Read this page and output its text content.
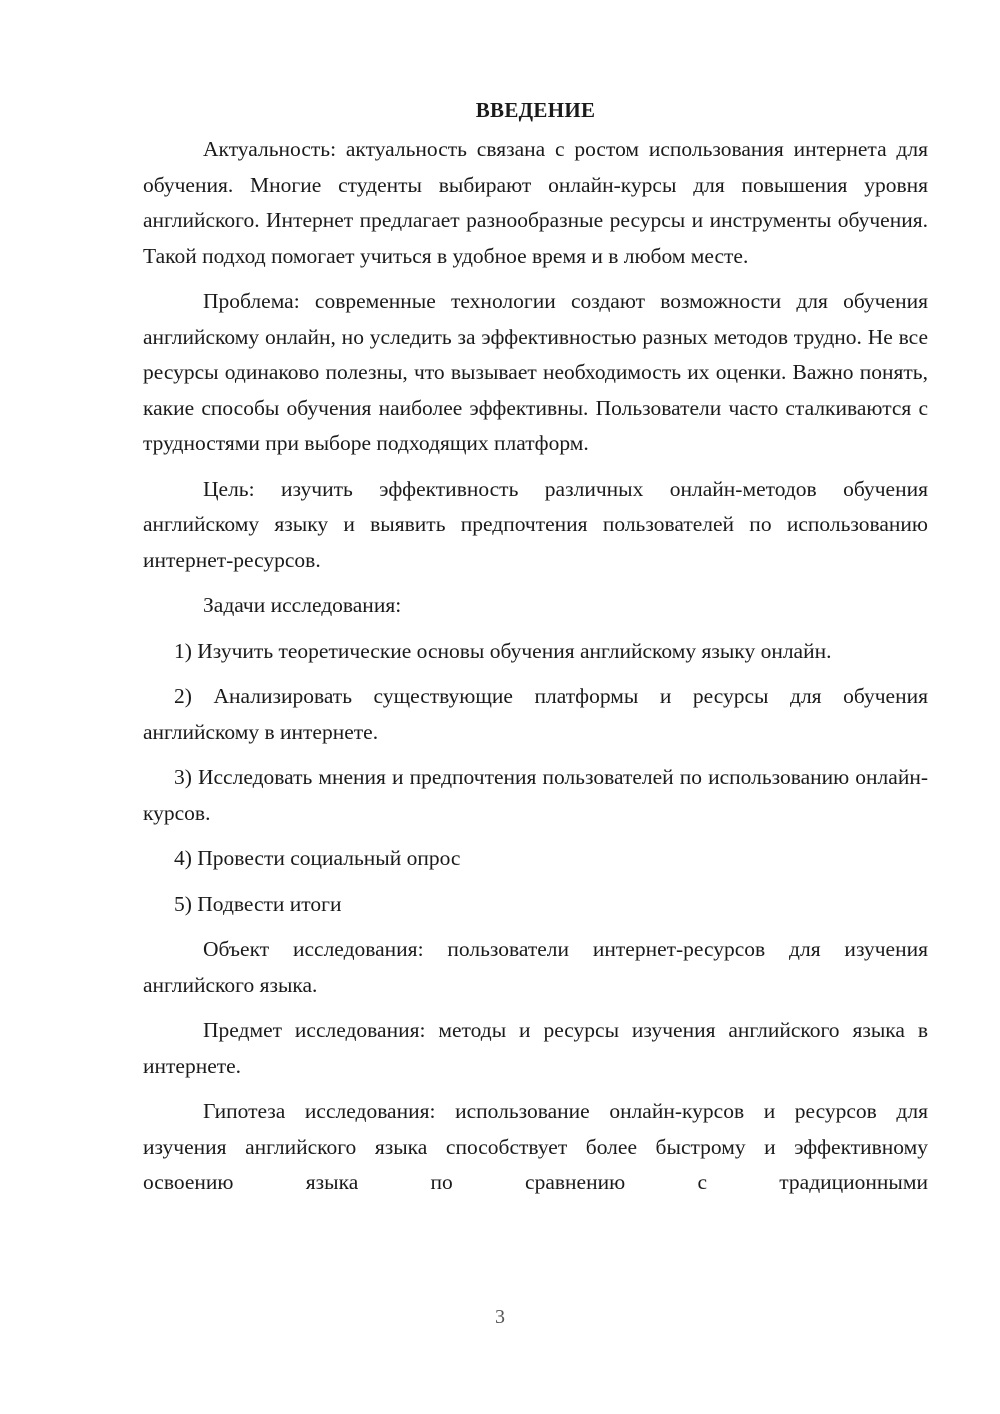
ВВЕДЕНИЕ

Актуальность: актуальность связана с ростом использования интернета для обучения. Многие студенты выбирают онлайн-курсы для повышения уровня английского. Интернет предлагает разнообразные ресурсы и инструменты обучения. Такой подход помогает учиться в удобное время и в любом месте.

Проблема: современные технологии создают возможности для обучения английскому онлайн, но уследить за эффективностью разных методов трудно. Не все ресурсы одинаково полезны, что вызывает необходимость их оценки. Важно понять, какие способы обучения наиболее эффективны. Пользователи часто сталкиваются с трудностями при выборе подходящих платформ.

Цель: изучить эффективность различных онлайн-методов обучения английскому языку и выявить предпочтения пользователей по использованию интернет-ресурсов.

Задачи исследования:

1) Изучить теоретические основы обучения английскому языку онлайн.

2) Анализировать существующие платформы и ресурсы для обучения английскому в интернете.

3) Исследовать мнения и предпочтения пользователей по использованию онлайн-курсов.

4) Провести социальный опрос

5) Подвести итоги

Объект исследования: пользователи интернет-ресурсов для изучения английского языка.

Предмет исследования: методы и ресурсы изучения английского языка в интернете.

Гипотеза исследования: использование онлайн-курсов и ресурсов для изучения английского языка способствует более быстрому и эффективному освоению языка по сравнению с традиционными

3
